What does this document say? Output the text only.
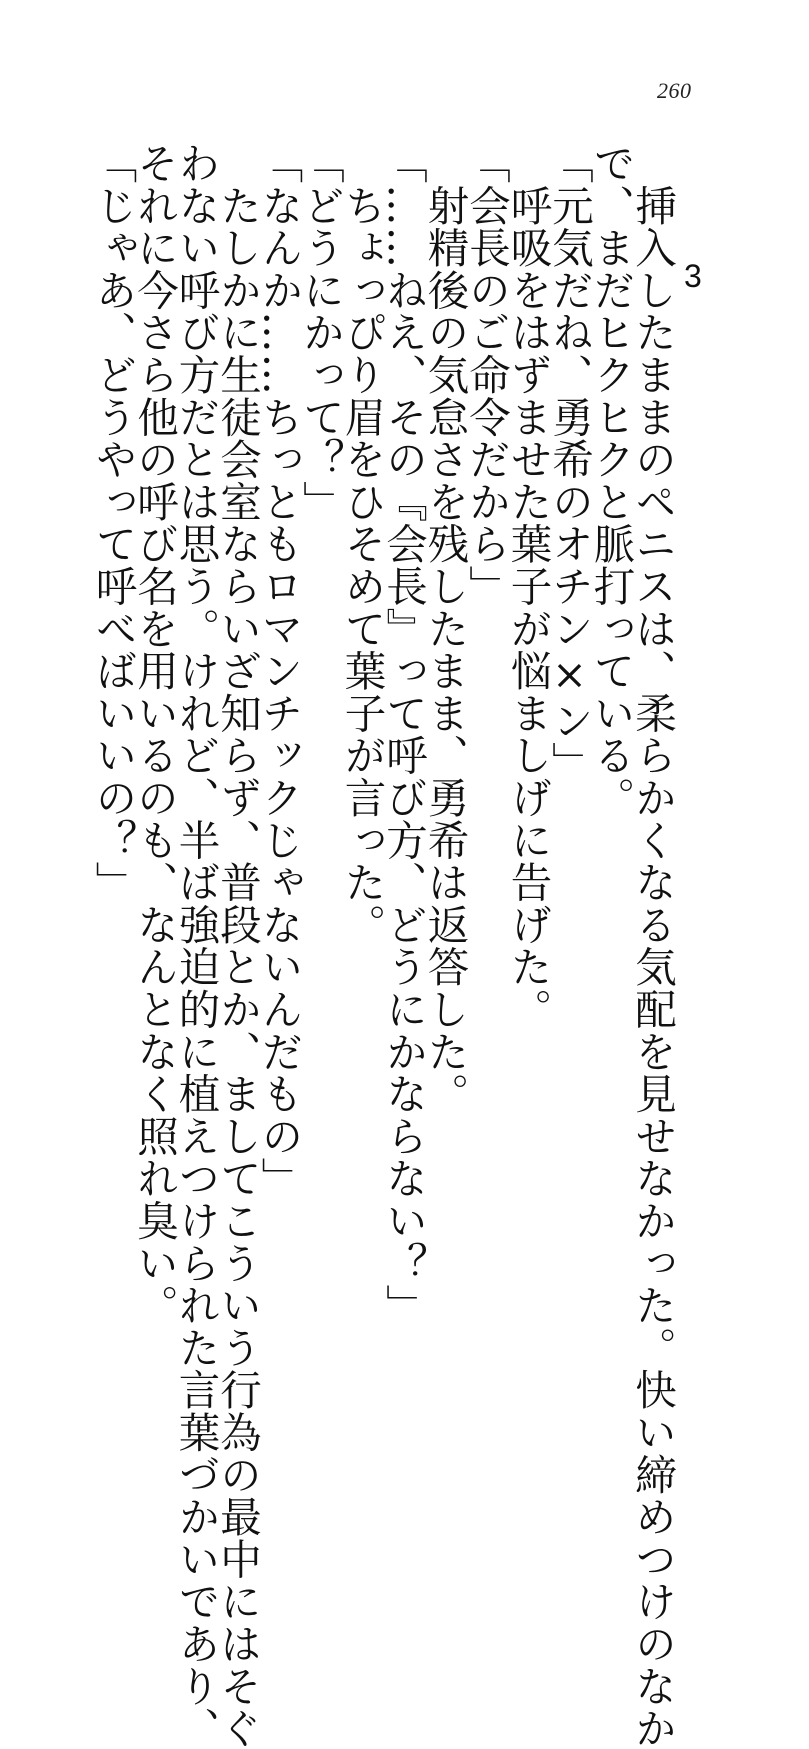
260
3
　挿入したままのペニスは、柔らかくなる気配を見せなかった。快い締めつけのなか
で、まだヒクヒクと脈打っている。
「元気だね、勇希のオチン×ン」
　呼吸をはずませた葉子が悩ましげに告げた。
「会長のご命令だから」
　射精後の気怠さを残したまま、勇希は返答した。
「……ねえ、その『会長』って呼び方、どうにかならない？」
　ちょっぴり眉をひそめて葉子が言った。
「どうにかって？」
「なんか……ちっともロマンチックじゃないんだもの」
　たしかに生徒会室ならいざ知らず、普段とか、ましてこういう行為の最中にはそぐ
わない呼び方だとは思う。けれど、半ば強迫的に植えつけられた言葉づかいであり、
それに今さら他の呼び名を用いるのも、なんとなく照れ臭い。
「じゃあ、どうやって呼べばいいの？」
